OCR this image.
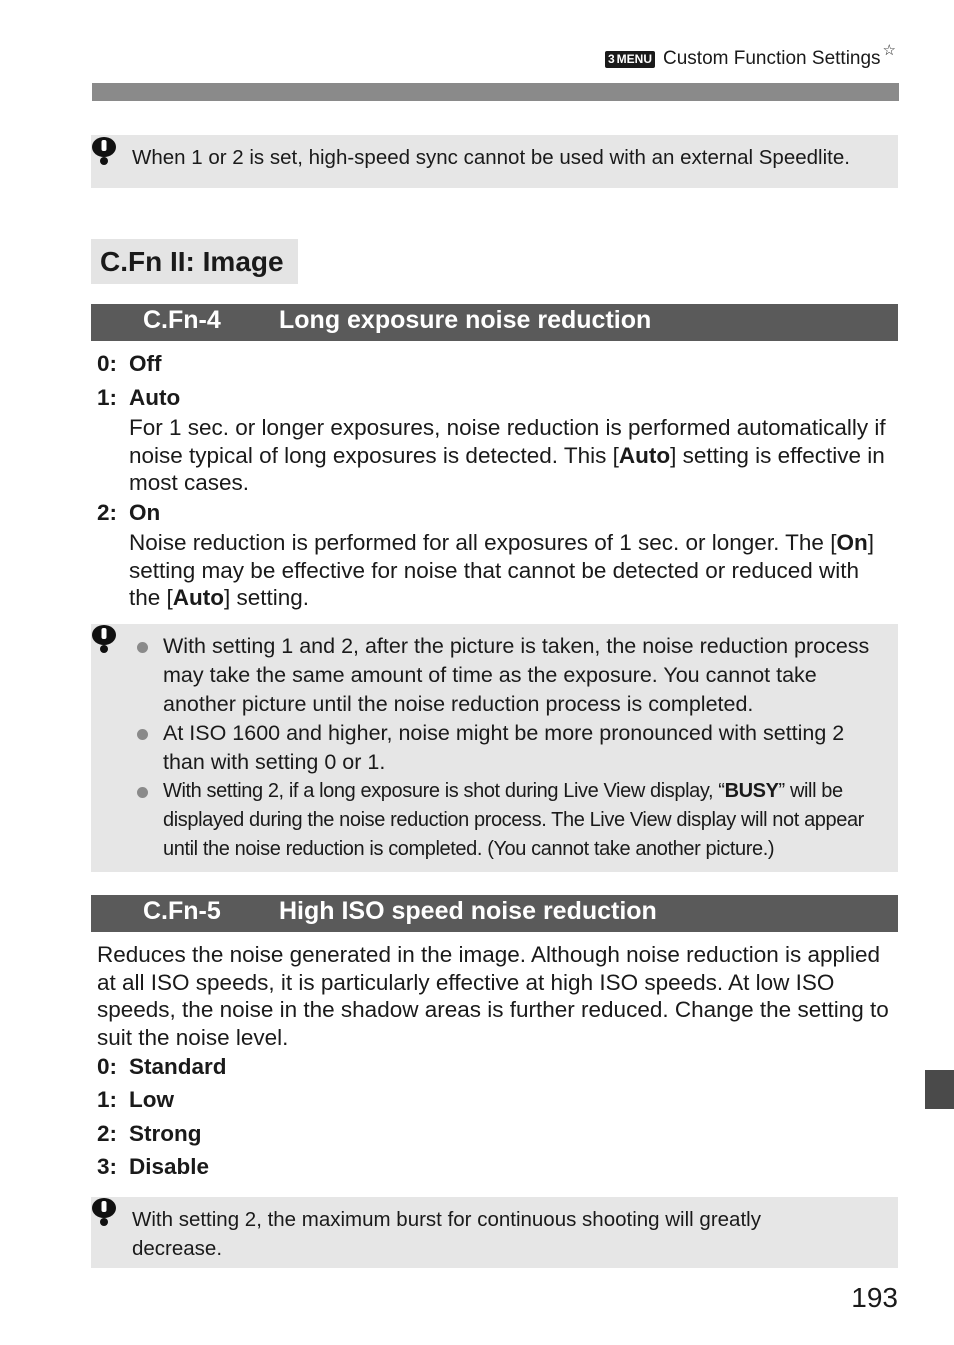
3 MENU Custom Function Settings ☆
When 1 or 2 is set, high-speed sync cannot be used with an external Speedlite.
C.Fn II: Image
C.Fn-4 Long exposure noise reduction
0: Off
1: Auto
For 1 sec. or longer exposures, noise reduction is performed automatically if noise typical of long exposures is detected. This [Auto] setting is effective in most cases.
2: On
Noise reduction is performed for all exposures of 1 sec. or longer. The [On] setting may be effective for noise that cannot be detected or reduced with the [Auto] setting.
With setting 1 and 2, after the picture is taken, the noise reduction process may take the same amount of time as the exposure. You cannot take another picture until the noise reduction process is completed.
At ISO 1600 and higher, noise might be more pronounced with setting 2 than with setting 0 or 1.
With setting 2, if a long exposure is shot during Live View display, “BUSY” will be displayed during the noise reduction process. The Live View display will not appear until the noise reduction is completed. (You cannot take another picture.)
C.Fn-5 High ISO speed noise reduction
Reduces the noise generated in the image. Although noise reduction is applied at all ISO speeds, it is particularly effective at high ISO speeds. At low ISO speeds, the noise in the shadow areas is further reduced. Change the setting to suit the noise level.
0: Standard
1: Low
2: Strong
3: Disable
With setting 2, the maximum burst for continuous shooting will greatly decrease.
193
